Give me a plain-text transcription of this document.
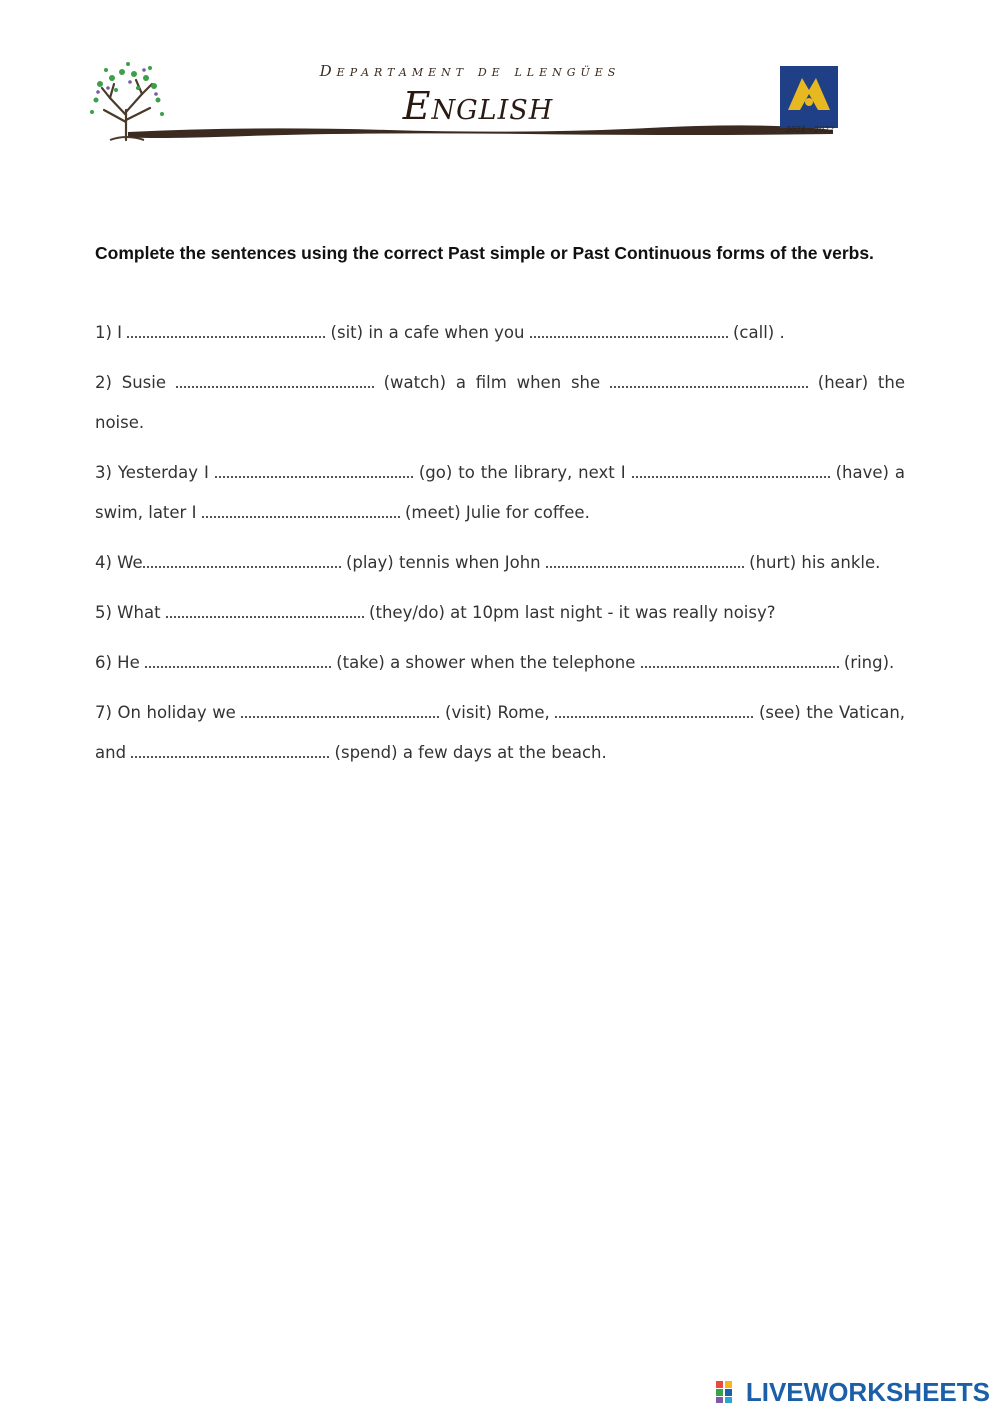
Departament de llengües
English
2021 - 2022
Complete the sentences using the correct Past simple or Past Continuous forms of the verbs.
1) I	(sit) in a cafe when you	(call) .
2) Susie	(watch) a film when she	(hear) the
noise.
3) Yesterday I	(go) to the library, next I	(have) a
swim, later I	(meet) Julie for coffee.
4) We	(play) tennis when John	(hurt) his ankle.
5) What	(they/do) at 10pm last night - it was really noisy?
6) He	(take) a shower when the telephone	(ring).
7) On holiday we	(visit) Rome,	(see) the Vatican,
and	(spend) a few days at the beach.
LIVEWORKSHEETS
